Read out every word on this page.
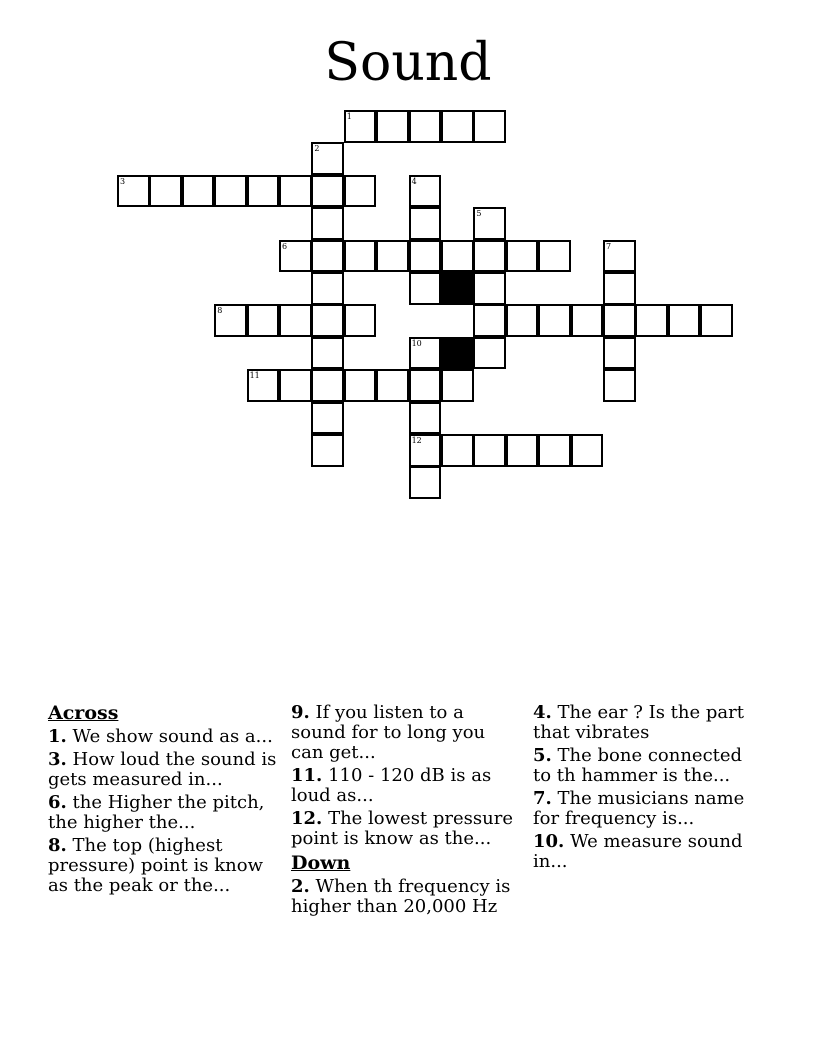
Sound
1
2
3	4
5
6	7
8
10
11
12
Across
1. We show sound as a...
3. How loud the sound is gets measured in...
6. the Higher the pitch, the higher the...
8. The top (highest pressure) point is know as the peak or the...
9. If you listen to a sound for to long you can get...
11. 110 - 120 dB is as loud as...
12. The lowest pressure point is know as the...
Down
2. When th frequency is higher than 20,000 Hz
4. The ear ? Is the part that vibrates
5. The bone connected to th hammer is the...
7. The musicians name for frequency is...
10. We measure sound in...
